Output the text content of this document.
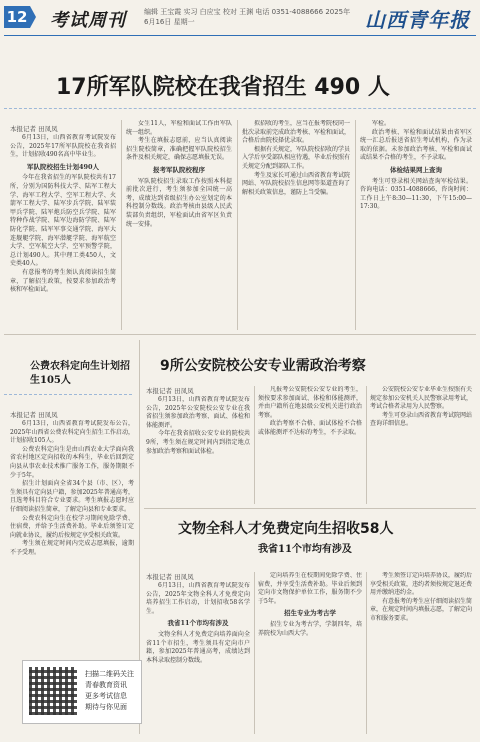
12 考试周刊	编辑 王宝霞 实习 白应宝 校对 王渊 电话 0351-4088666 2025年6月16日 星期一	山西青年报
17所军队院校在我省招生 490 人
本报记者 田凤凤

6月13日，山西省教育考试院发布公告，2025年17所军队院校在我省招生，计划招收490名高中毕业生。

军队院校招生计划490人

今年在我省招生的军队院校共有17所，分别为国防科技大学、陆军工程大学、海军工程大学、空军工程大学、火箭军工程大学、陆军步兵学院、陆军装甲兵学院、陆军炮兵防空兵学院、陆军特种作战学院、陆军边海防学院、陆军防化学院、陆军军事交通学院、海军大连舰艇学院、海军潜艇学院、海军航空大学、空军航空大学、空军预警学院，总计划490人。其中理工类450人，文史类40人。

有意报考的考生须认真阅读招生简章，了解招生政策，按要求参加政治考核和军检面试。

女生11人，军检和面试工作由军队统一组织。

考生在填报志愿前，应当认真阅读招生院校简章，准确把握军队院校招生条件及相关规定，确保志愿填报无误。

报考军队院校程序

军队院校招生录取工作按照本科提前批次进行，考生须参加全国统一高考，成绩达到省级招生办公室划定的本科控制分数线。政治考核由县级人民武装部负责组织，军检面试由省军区负责统一安排。

拟招收的考生，应当在报考院校同一批次录取前完成政治考核、军检和面试，合格后由院校择优录取。

根据有关规定，军队院校招收的学员入学后享受部队相应待遇，毕业后按照有关规定分配到部队工作。

考生及家长可通过山西省教育考试院网站、军队院校招生信息网等渠道查询了解相关政策信息，谨防上当受骗。

军检。

政治考核、军检和面试结果由省军区统一汇总后报送省招生考试机构，作为录取的依据。未参加政治考核、军检和面试或结果不合格的考生，不予录取。

体检结果网上查询

考生可登录相关网站查询军检结果。咨询电话：0351-4088666，咨询时间：工作日上午8:30—11:30，下午15:00—17:30。

公费农科定向生计划招生105人
本报记者 田凤凤

6月13日，山西省教育考试院发布公告，2025年山西省公费农科定向生招生工作启动，计划招收105人。

公费农科定向生是由山西农业大学面向我省农村地区定向招收的本科生，毕业后回到定向县从事农业技术推广服务工作，服务期限不少于5年。

招生计划面向全省34个县（市、区），考生须具有定向县户籍，参加2025年普通高考，且选考科目符合专业要求。考生填报志愿时应仔细阅读招生简章，了解定向县和专业要求。

公费农科定向生在校学习期间免除学费、住宿费，并给予生活费补助。毕业后须签订定向就业协议，履约后按规定享受相关政策。

考生须在规定时间内完成志愿填报，逾期不予受理。

9所公安院校公安专业需政治考察
本报记者 田凤凤

6月13日，山西省教育考试院发布公告，2025年公安院校公安专业在我省招生须参加政治考察、面试、体检和体能测评。

今年在我省招收公安专业的院校共9所，考生须在规定时间内到指定地点参加政治考察和面试体检。

凡报考公安院校公安专业的考生，须按要求参加面试、体检和体能测评，并由户籍所在地县级公安机关进行政治考察。

政治考察不合格、面试体检不合格或体能测评不达标的考生，不予录取。

公安院校公安专业毕业生按照有关规定参加公安机关人民警察录用考试，考试合格者录用为人民警察。

考生可登录山西省教育考试院网站查询详细信息。

文物全科人才免费定向生招收58人
我省11个市均有涉及
本报记者 田凤凤

6月13日，山西省教育考试院发布公告，2025年文物全科人才免费定向培养招生工作启动，计划招收58名学生。

我省11个市均有涉及

文物全科人才免费定向培养面向全省11个市招生，考生须具有定向市户籍，参加2025年普通高考，成绩达到本科录取控制分数线。

定向培养生在校期间免除学费、住宿费，并享受生活费补助。毕业后须到定向市文物保护单位工作，服务期不少于5年。

招生专业为考古学

招生专业为考古学，学制四年，培养院校为山西大学。

考生须签订定向培养协议，履约后享受相关政策，违约者须按规定退还费用并缴纳违约金。

有意报考的考生应仔细阅读招生简章，在规定时间内填报志愿，了解定向市和服务要求。

扫描二维码关注
青春教育资讯
更多考试信息
期待与你见面
